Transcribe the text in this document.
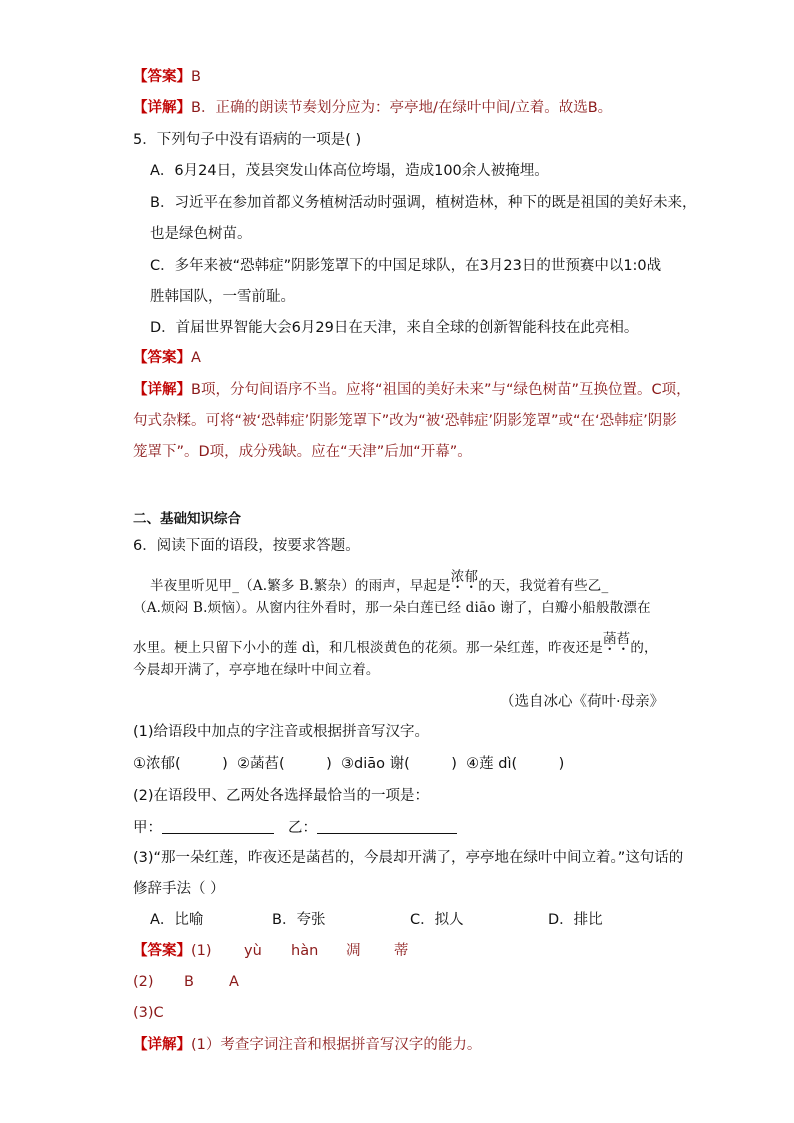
【答案】B
【详解】B．正确的朗读节奏划分应为：亭亭地/在绿叶中间/立着。故选B。
5．下列句子中没有语病的一项是( )
A．6月24日，茂县突发山体高位垮塌，造成100余人被掩埋。
B．习近平在参加首都义务植树活动时强调，植树造林，种下的既是祖国的美好未来，
也是绿色树苗。
C．多年来被“恐韩症”阴影笼罩下的中国足球队，在3月23日的世预赛中以1:0战
胜韩国队，一雪前耻。
D．首届世界智能大会6月29日在天津，来自全球的创新智能科技在此亮相。
【答案】A
【详解】B项，分句间语序不当。应将“祖国的美好未来”与“绿色树苗”互换位置。C项，
句式杂糅。可将“被‘恐韩症’阴影笼罩下”改为“被‘恐韩症’阴影笼罩”或“在‘恐韩症’阴影
笼罩下”。D项，成分残缺。应在“天津”后加“开幕”。
二、基础知识综合
6．阅读下面的语段，按要求答题。
半夜里听见甲_（A.繁多 B.繁杂）的雨声，早起是浓 •郁 •的天，我觉着有些乙_
（A.烦闷 B.烦恼）。从窗内往外看时，那一朵白莲已经 diāo 谢了，白瓣小船般散漂在
水里。梗上只留下小小的莲 dì，和几根淡黄色的花须。那一朵红莲，昨夜还是菡 •萏 •的，
今晨却开满了，亭亭地在绿叶中间立着。
（选自冰心《荷叶·母亲》
(1)给语段中加点的字注音或根据拼音写汉字。
①浓郁(         )  ②菡萏(         )  ③diāo 谢(         )  ④莲 dì(         )
(2)在语段甲、乙两处各选择最恰当的一项是：
甲：	乙：
(3)“那一朵红莲，昨夜还是菡萏的，今晨却开满了，亭亭地在绿叶中间立着。”这句话的
修辞手法（ ）
A．比喻	B．夸张	C．拟人	D．排比
【答案】(1) yù hàn 凋 蒂
(2) B A
(3)C
【详解】(1）考查字词注音和根据拼音写汉字的能力。
